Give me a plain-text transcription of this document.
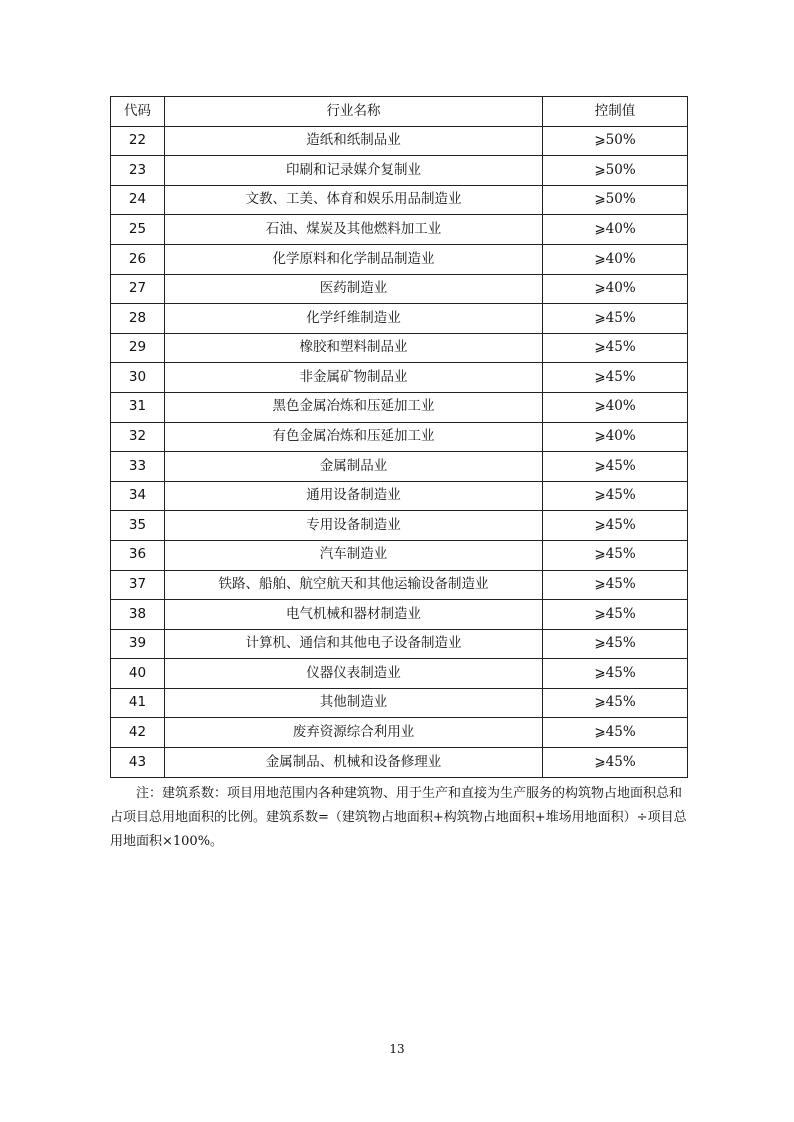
代码	行业名称	控制值
22	造纸和纸制品业	⩾50%
23	印刷和记录媒介复制业	⩾50%
24	文教、工美、体育和娱乐用品制造业	⩾50%
25	石油、煤炭及其他燃料加工业	⩾40%
26	化学原料和化学制品制造业	⩾40%
27	医药制造业	⩾40%
28	化学纤维制造业	⩾45%
29	橡胶和塑料制品业	⩾45%
30	非金属矿物制品业	⩾45%
31	黑色金属冶炼和压延加工业	⩾40%
32	有色金属冶炼和压延加工业	⩾40%
33	金属制品业	⩾45%
34	通用设备制造业	⩾45%
35	专用设备制造业	⩾45%
36	汽车制造业	⩾45%
37	铁路、船舶、航空航天和其他运输设备制造业	⩾45%
38	电气机械和器材制造业	⩾45%
39	计算机、通信和其他电子设备制造业	⩾45%
40	仪器仪表制造业	⩾45%
41	其他制造业	⩾45%
42	废弃资源综合利用业	⩾45%
43	金属制品、机械和设备修理业	⩾45%

注：建筑系数：项目用地范围内各种建筑物、用于生产和直接为生产服务的构筑物占地面积总和占项目总用地面积的比例。建筑系数=（建筑物占地面积+构筑物占地面积+堆场用地面积）÷项目总用地面积×100%。

13
